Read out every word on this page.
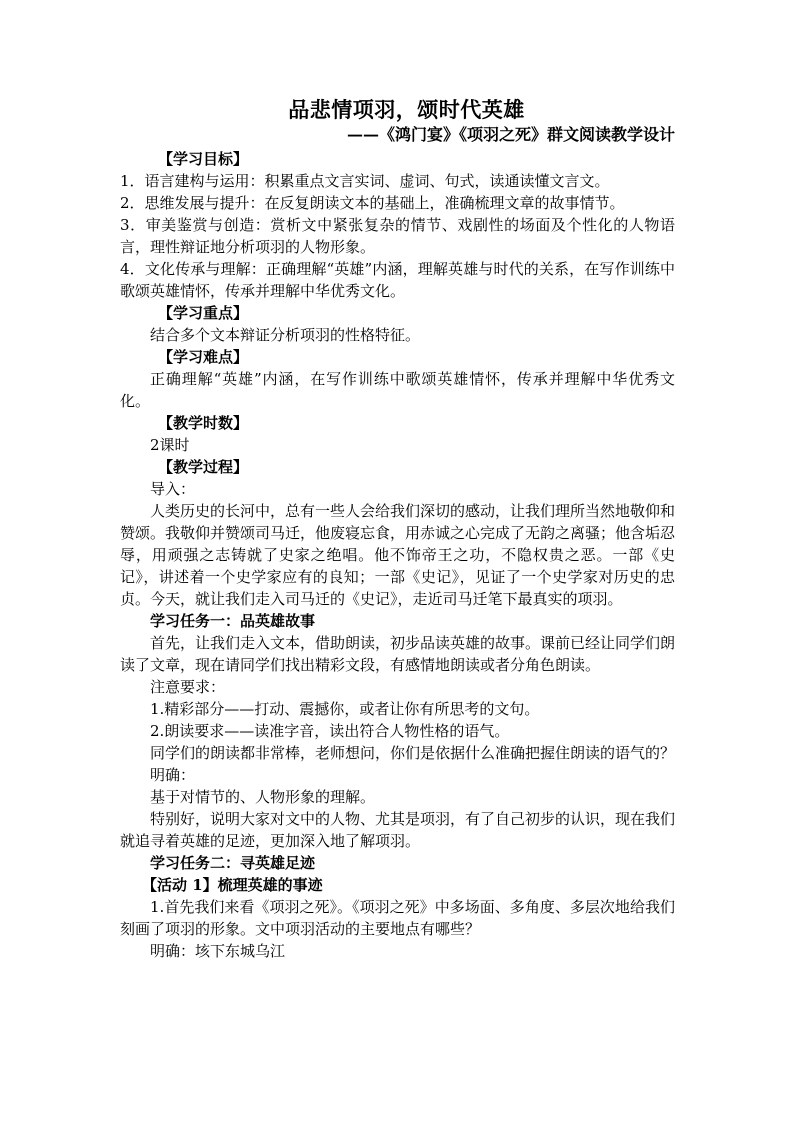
品悲情项羽，颂时代英雄
——《鸿门宴》《项羽之死》群文阅读教学设计

【学习目标】

1．语言建构与运用：积累重点文言实词、虚词、句式，读通读懂文言文。

2．思维发展与提升：在反复朗读文本的基础上，准确梳理文章的故事情节。

3．审美鉴赏与创造：赏析文中紧张复杂的情节、戏剧性的场面及个性化的人物语言，理性辩证地分析项羽的人物形象。

4．文化传承与理解：正确理解“英雄”内涵，理解英雄与时代的关系，在写作训练中歌颂英雄情怀，传承并理解中华优秀文化。

【学习重点】

结合多个文本辩证分析项羽的性格特征。

【学习难点】

正确理解“英雄”内涵，在写作训练中歌颂英雄情怀，传承并理解中华优秀文化。

【教学时数】

2课时

【教学过程】

导入：

人类历史的长河中，总有一些人会给我们深切的感动，让我们理所当然地敬仰和赞颂。我敬仰并赞颂司马迁，他废寝忘食，用赤诚之心完成了无韵之离骚；他含垢忍辱，用顽强之志铸就了史家之绝唱。他不饰帝王之功，不隐权贵之恶。一部《史记》，讲述着一个史学家应有的良知；一部《史记》，见证了一个史学家对历史的忠贞。今天，就让我们走入司马迁的《史记》，走近司马迁笔下最真实的项羽。

学习任务一：品英雄故事

首先，让我们走入文本，借助朗读，初步品读英雄的故事。课前已经让同学们朗读了文章，现在请同学们找出精彩文段，有感情地朗读或者分角色朗读。

注意要求：

1.精彩部分——打动、震撼你，或者让你有所思考的文句。

2.朗读要求——读准字音，读出符合人物性格的语气。

同学们的朗读都非常棒，老师想问，你们是依据什么准确把握住朗读的语气的？

明确：

基于对情节的、人物形象的理解。

特别好，说明大家对文中的人物、尤其是项羽，有了自己初步的认识，现在我们就追寻着英雄的足迹，更加深入地了解项羽。

学习任务二：寻英雄足迹

【活动 1】梳理英雄的事迹

1.首先我们来看《项羽之死》。《项羽之死》中多场面、多角度、多层次地给我们刻画了项羽的形象。文中项羽活动的主要地点有哪些？

明确：垓下东城乌江
